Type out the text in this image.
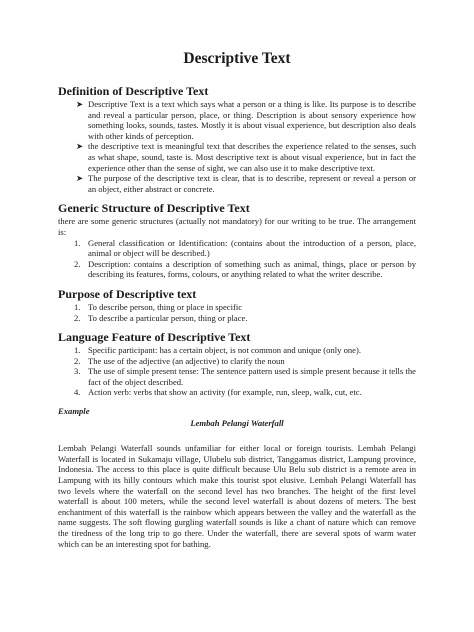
Descriptive Text
Definition of Descriptive Text
➤ Descriptive Text is a text which says what a person or a thing is like. Its purpose is to describe and reveal a particular person, place, or thing. Description is about sensory experience how something looks, sounds, tastes. Mostly it is about visual experience, but description also deals with other kinds of perception.
➤ the descriptive text is meaningful text that describes the experience related to the senses, such as what shape, sound, taste is. Most descriptive text is about visual experience, but in fact the experience other than the sense of sight, we can also use it to make descriptive text.
➤ The purpose of the descriptive text is clear, that is to describe, represent or reveal a person or an object, either abstract or concrete.
Generic Structure of Descriptive Text
there are some generic structures (actually not mandatory) for our writing to be true. The arrangement is:
1. General classification or Identification: (contains about the introduction of a person, place, animal or object will be described.)
2. Description: contains a description of something such as animal, things, place or person by describing its features, forms, colours, or anything related to what the writer describe.
Purpose of Descriptive text
1. To describe person, thing or place in specific
2. To describe a particular person, thing or place.
Language Feature of Descriptive Text
1. Specific participant: has a certain object, is not common and unique (only one).
2. The use of the adjective (an adjective) to clarify the noun
3. The use of simple present tense: The sentence pattern used is simple present because it tells the fact of the object described.
4. Action verb: verbs that show an activity (for example, run, sleep, walk, cut, etc.
Example
Lembah Pelangi Waterfall
Lembah Pelangi Waterfall sounds unfamiliar for either local or foreign tourists. Lembah Pelangi Waterfall is located in Sukamaju village, Ulubelu sub district, Tanggamus district, Lampung province, Indonesia. The access to this place is quite difficult because Ulu Belu sub district is a remote area in Lampung with its hilly contours which make this tourist spot elusive. Lembah Pelangi Waterfall has two levels where the waterfall on the second level has two branches. The height of the first level waterfall is about 100 meters, while the second level waterfall is about dozens of meters. The best enchantment of this waterfall is the rainbow which appears between the valley and the waterfall as the name suggests. The soft flowing gurgling waterfall sounds is like a chant of nature which can remove the tiredness of the long trip to go there. Under the waterfall, there are several spots of warm water which can be an interesting spot for bathing.
